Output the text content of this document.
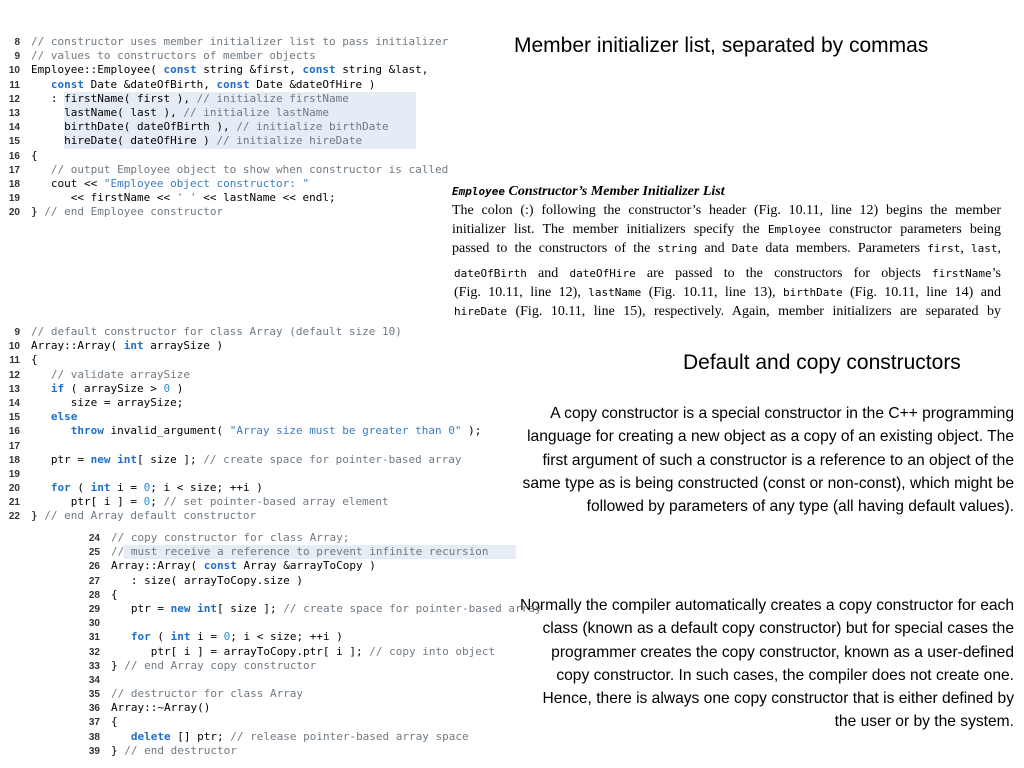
8 // constructor uses member initializer list to pass initializer
9 // values to constructors of member objects
10 Employee::Employee( const string &first, const string &last,
11	const Date &dateOfBirth, const Date &dateOfHire )
12   : firstName( first ), // initialize firstName
13     lastName( last ), // initialize lastName
14     birthDate( dateOfBirth ), // initialize birthDate
15     hireDate( dateOfHire ) // initialize hireDate
16 {
17   // output Employee object to show when constructor is called
18   cout << "Employee object constructor: "
19      << firstName << ' ' << lastName << endl;
20 } // end Employee constructor
Member initializer list, separated by commas
Employee Constructor’s Member Initializer List
The colon (:) following the constructor’s header (Fig. 10.11, line 12) begins the member
initializer list. The member initializers specify the Employee constructor parameters being
passed to the constructors of the string and Date data members. Parameters first, last,
dateOfBirth and dateOfHire are passed to the constructors for objects firstName’s
(Fig. 10.11, line 12), lastName (Fig. 10.11, line 13), birthDate (Fig. 10.11, line 14) and
hireDate (Fig. 10.11, line 15), respectively. Again, member initializers are separated by
9 // default constructor for class Array (default size 10)
10 Array::Array( int arraySize )
11 {
12   // validate arraySize
13	if ( arraySize > 0 )
14      size = arraySize;
15   else
16	throw invalid_argument( "Array size must be greater than 0" );
17
18   ptr = new int[ size ]; // create space for pointer-based array
19
20	for ( int i = 0; i < size; ++i )
21      ptr[ i ] = 0; // set pointer-based array element
22 } // end Array default constructor
Default and copy constructors
A copy constructor is a special constructor in the C++ programming language for creating a new object as a copy of an existing object. The first argument of such a constructor is a reference to an object of the same type as is being constructed (const or non-const), which might be followed by parameters of any type (all having default values).
24 // copy constructor for class Array;
25 // must receive a reference to prevent infinite recursion
26 Array::Array( const Array &arrayToCopy )
27   : size( arrayToCopy.size )
28 {
29   ptr = new int[ size ]; // create space for pointer-based array
30
31	for ( int i = 0; i < size; ++i )
32      ptr[ i ] = arrayToCopy.ptr[ i ]; // copy into object
33 } // end Array copy constructor
34
35 // destructor for class Array
36 Array::~Array()
37 {
38	delete [] ptr; // release pointer-based array space
39 } // end destructor
Normally the compiler automatically creates a copy constructor for each class (known as a default copy constructor) but for special cases the programmer creates the copy constructor, known as a user-defined copy constructor. In such cases, the compiler does not create one. Hence, there is always one copy constructor that is either defined by the user or by the system.
